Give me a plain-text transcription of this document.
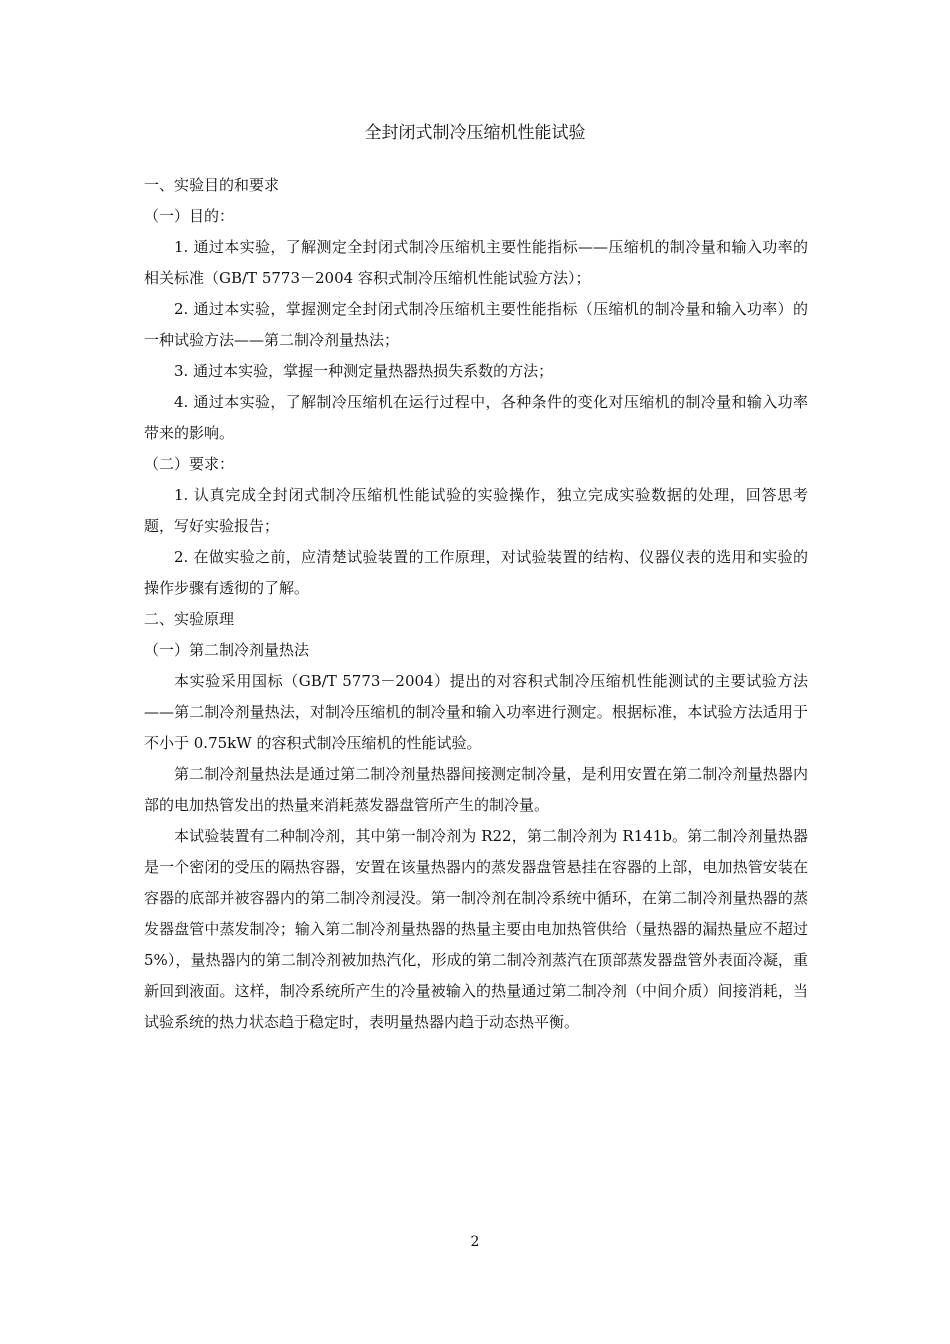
全封闭式制冷压缩机性能试验

一、实验目的和要求

（一）目的：

1. 通过本实验，了解测定全封闭式制冷压缩机主要性能指标——压缩机的制冷量和输入功率的相关标准（GB/T 5773－2004 容积式制冷压缩机性能试验方法）；

2. 通过本实验，掌握测定全封闭式制冷压缩机主要性能指标（压缩机的制冷量和输入功率）的一种试验方法——第二制冷剂量热法；

3. 通过本实验，掌握一种测定量热器热损失系数的方法；

4. 通过本实验，了解制冷压缩机在运行过程中，各种条件的变化对压缩机的制冷量和输入功率带来的影响。

（二）要求：

1. 认真完成全封闭式制冷压缩机性能试验的实验操作，独立完成实验数据的处理，回答思考题，写好实验报告；

2. 在做实验之前，应清楚试验装置的工作原理，对试验装置的结构、仪器仪表的选用和实验的操作步骤有透彻的了解。

二、实验原理

（一）第二制冷剂量热法

本实验采用国标（GB/T 5773－2004）提出的对容积式制冷压缩机性能测试的主要试验方法——第二制冷剂量热法，对制冷压缩机的制冷量和输入功率进行测定。根据标准，本试验方法适用于不小于 0.75kW 的容积式制冷压缩机的性能试验。

第二制冷剂量热法是通过第二制冷剂量热器间接测定制冷量，是利用安置在第二制冷剂量热器内部的电加热管发出的热量来消耗蒸发器盘管所产生的制冷量。

本试验装置有二种制冷剂，其中第一制冷剂为 R22，第二制冷剂为 R141b。第二制冷剂量热器是一个密闭的受压的隔热容器，安置在该量热器内的蒸发器盘管悬挂在容器的上部，电加热管安装在容器的底部并被容器内的第二制冷剂浸没。第一制冷剂在制冷系统中循环，在第二制冷剂量热器的蒸发器盘管中蒸发制冷；输入第二制冷剂量热器的热量主要由电加热管供给（量热器的漏热量应不超过 5%），量热器内的第二制冷剂被加热汽化，形成的第二制冷剂蒸汽在顶部蒸发器盘管外表面冷凝，重新回到液面。这样，制冷系统所产生的冷量被输入的热量通过第二制冷剂（中间介质）间接消耗，当试验系统的热力状态趋于稳定时，表明量热器内趋于动态热平衡。

2
